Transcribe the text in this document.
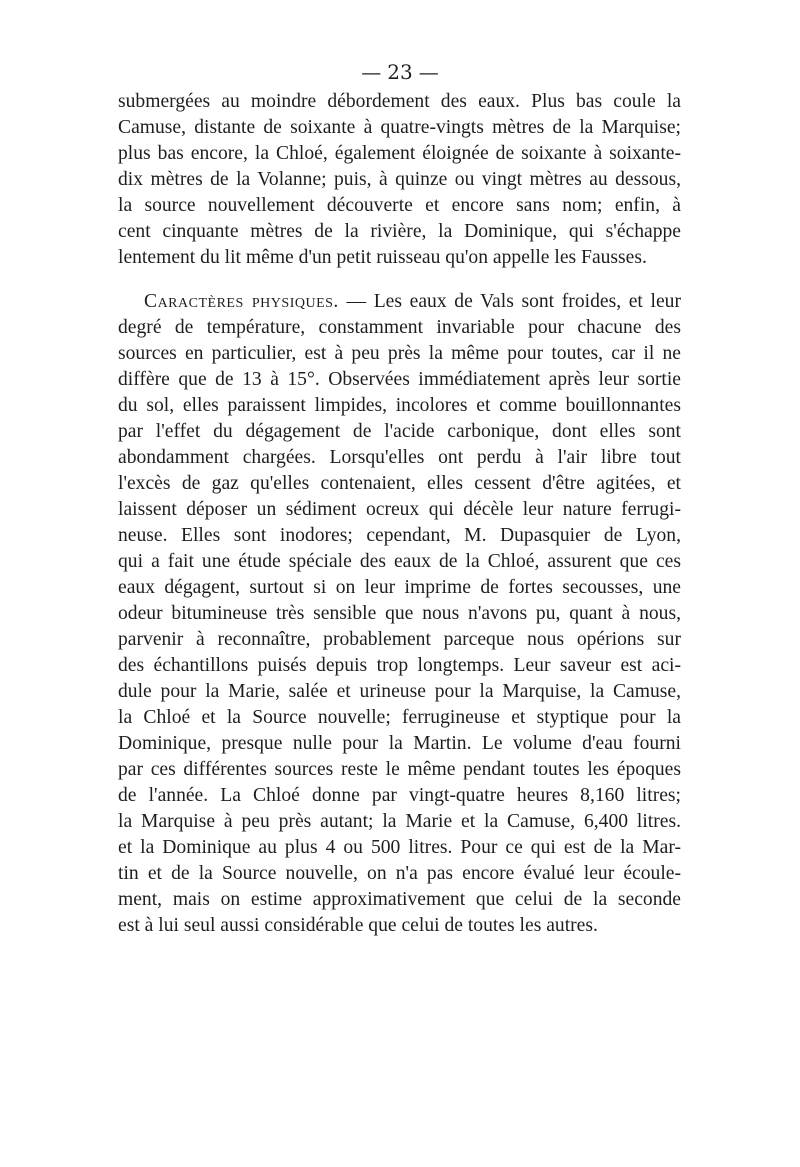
— 23 —

submergées au moindre débordement des eaux. Plus bas coule la

Camuse, distante de soixante à quatre-vingts mètres de la Marquise;

plus bas encore, la Chloé, également éloignée de soixante à soixante-

dix mètres de la Volanne; puis, à quinze ou vingt mètres au dessous,

la source nouvellement découverte et encore sans nom; enfin, à

cent cinquante mètres de la rivière, la Dominique, qui s'échappe

lentement du lit même d'un petit ruisseau qu'on appelle les Fausses.

Caractères physiques. — Les eaux de Vals sont froides, et leur

degré de température, constamment invariable pour chacune des

sources en particulier, est à peu près la même pour toutes, car il ne

diffère que de 13 à 15°. Observées immédiatement après leur sortie

du sol, elles paraissent limpides, incolores et comme bouillonnantes

par l'effet du dégagement de l'acide carbonique, dont elles sont

abondamment chargées. Lorsqu'elles ont perdu à l'air libre tout

l'excès de gaz qu'elles contenaient, elles cessent d'être agitées, et

laissent déposer un sédiment ocreux qui décèle leur nature ferrugi-

neuse. Elles sont inodores; cependant, M. Dupasquier de Lyon,

qui a fait une étude spéciale des eaux de la Chloé, assurent que ces

eaux dégagent, surtout si on leur imprime de fortes secousses, une

odeur bitumineuse très sensible que nous n'avons pu, quant à nous,

parvenir à reconnaître, probablement parceque nous opérions sur

des échantillons puisés depuis trop longtemps. Leur saveur est aci-

dule pour la Marie, salée et urineuse pour la Marquise, la Camuse,

la Chloé et la Source nouvelle; ferrugineuse et styptique pour la

Dominique, presque nulle pour la Martin. Le volume d'eau fourni

par ces différentes sources reste le même pendant toutes les époques

de l'année. La Chloé donne par vingt-quatre heures 8,160 litres;

la Marquise à peu près autant; la Marie et la Camuse, 6,400 litres.

et la Dominique au plus 4 ou 500 litres. Pour ce qui est de la Mar-

tin et de la Source nouvelle, on n'a pas encore évalué leur écoule-

ment, mais on estime approximativement que celui de la seconde

est à lui seul aussi considérable que celui de toutes les autres.
